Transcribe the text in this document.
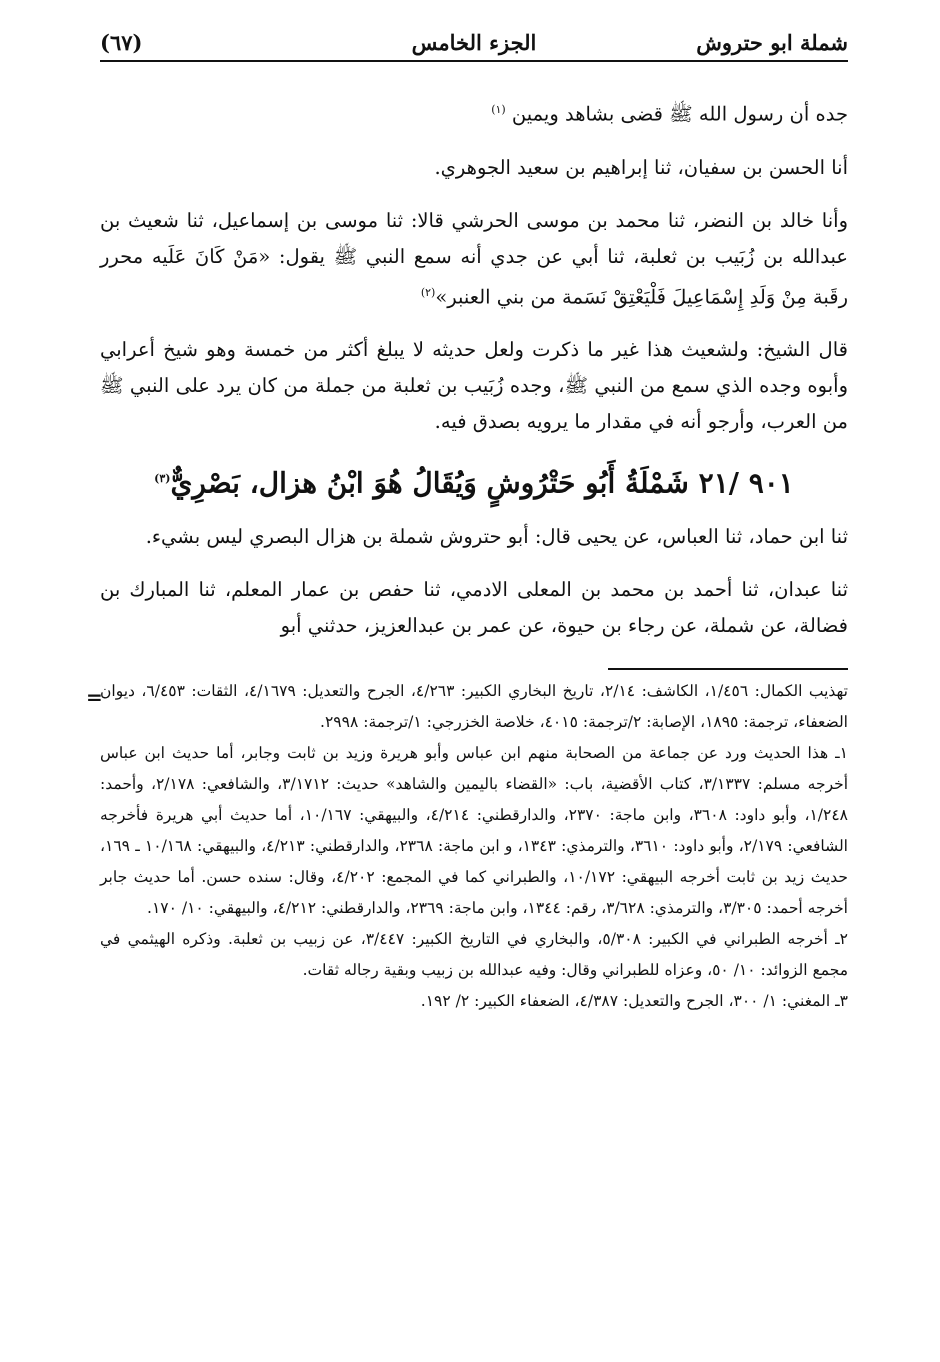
شملة ابو حتروش
الجزء الخامس
(٦٧)

جده أن رسول الله ﷺ قضى بشاهد ويمين $^{(١)}$

أنا الحسن بن سفيان، ثنا إبراهيم بن سعيد الجوهري.

وأنا خالد بن النضر، ثنا محمد بن موسى الحرشي قالا: ثنا موسى بن إسماعيل، ثنا شعيث بن عبدالله بن زُبَيب بن ثعلبة، ثنا أبي عن جدي أنه سمع النبي ﷺ يقول: «مَنْ كَانَ عَلَيه محرر رقَبة مِنْ وَلَدِ إِسْمَاعِيلَ فَلْيَعْتِقْ نَسَمة من بني العنبر»$^{(٢)}$

قال الشيخ: ولشعيث هذا غير ما ذكرت ولعل حديثه لا يبلغ أكثر من خمسة وهو شيخ أعرابي وأبوه وجده الذي سمع من النبي ﷺ، وجده زُبَيب بن ثعلبة من جملة من كان يرد على النبي ﷺ من العرب، وأرجو أنه في مقدار ما يرويه بصدق فيه.

٩٠١ /٢١ شَمْلَةُ أَبُو حَتْرُوشٍ وَيُقَالُ هُوَ ابْنُ هزال، بَصْرِيٌّ$^{(٣)}$

ثنا ابن حماد، ثنا العباس، عن يحيى قال: أبو حتروش شملة بن هزال البصري ليس بشيء.

ثنا عبدان، ثنا أحمد بن محمد بن المعلى الادمي، ثنا حفص بن عمار المعلم، ثنا المبارك بن فضالة، عن شملة، عن رجاء بن حيوة، عن عمر بن عبدالعزيز، حدثني أبو

=

تهذيب الكمال: ١/٤٥٦، الكاشف: ٢/١٤، تاريخ البخاري الكبير: ٤/٢٦٣، الجرح والتعديل: ٤/١٦٧٩، الثقات: ٦/٤٥٣، ديوان الضعفاء، ترجمة: ١٨٩٥، الإصابة: ٢/ترجمة: ٤٠١٥، خلاصة الخزرجي: ١/ترجمة: ٢٩٩٨.

١ـ هذا الحديث ورد عن جماعة من الصحابة منهم ابن عباس وأبو هريرة وزيد بن ثابت وجابر، أما حديث ابن عباس أخرجه مسلم: ٣/١٣٣٧، كتاب الأقضية، باب: «القضاء باليمين والشاهد» حديث: ٣/١٧١٢، والشافعي: ٢/١٧٨، وأحمد: ١/٢٤٨، وأبو داود: ٣٦٠٨، وابن ماجة: ٢٣٧٠، والدارقطني: ٤/٢١٤، والبيهقي: ١٠/١٦٧، أما حديث أبي هريرة فأخرجه الشافعي: ٢/١٧٩، وأبو داود: ٣٦١٠، والترمذي: ١٣٤٣، و ابن ماجة: ٢٣٦٨، والدارقطني: ٤/٢١٣، والبيهقي: ١٠/١٦٨ ـ ١٦٩، حديث زيد بن ثابت أخرجه البيهقي: ١٠/١٧٢، والطبراني كما في المجمع: ٤/٢٠٢، وقال: سنده حسن. أما حديث جابر أخرجه أحمد: ٣/٣٠٥، والترمذي: ٣/٦٢٨، رقم: ١٣٤٤، وابن ماجة: ٢٣٦٩، والدارقطني: ٤/٢١٢، والبيهقي: ١٠/ ١٧٠.

٢ـ أخرجه الطبراني في الكبير: ٥/٣٠٨، والبخاري في التاريخ الكبير: ٣/٤٤٧، عن زبيب بن ثعلبة. وذكره الهيثمي في مجمع الزوائد: ١٠/ ٥٠، وعزاه للطبراني وقال: وفيه عبدالله بن زبيب وبقية رجاله ثقات.

٣ـ المغني: ١/ ٣٠٠، الجرح والتعديل: ٤/٣٨٧، الضعفاء الكبير: ٢/ ١٩٢.
